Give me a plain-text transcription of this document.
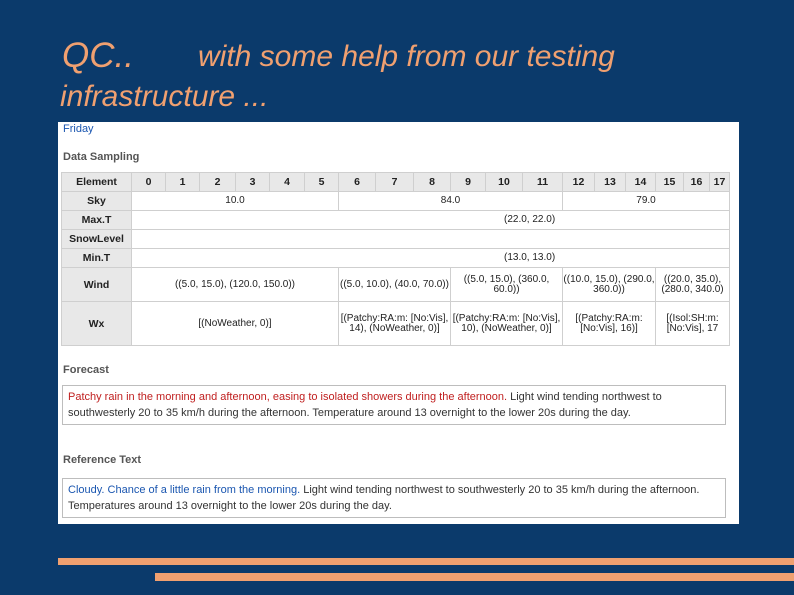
QC.. with some help from our testing
infrastructure ...
Friday
Data Sampling
Element	0	1	2	3	4	5	6	7	8	9	10	11	12	13	14	15	16	17
Sky	10.0						84.0						79.0					
Max.T	(22.0, 22.0)																	
SnowLevel																		
Min.T	(13.0, 13.0)																	
Wind	((5.0, 15.0), (120.0, 150.0))						((5.0, 10.0), (40.0, 70.0))			((5.0, 15.0), (360.0, 60.0))			((10.0, 15.0), (290.0, 360.0))			((20.0, 35.0), (280.0, 340.0)		
Wx	[(NoWeather, 0)]						[(Patchy:RA:m: [No:Vis], 14), (NoWeather, 0)]			[(Patchy:RA:m: [No:Vis], 10), (NoWeather, 0)]			[(Patchy:RA:m: [No:Vis], 16)]			[(Isol:SH:m: [No:Vis], 17		
Forecast
Patchy rain in the morning and afternoon, easing to isolated showers during the afternoon. Light wind tending northwest to southwesterly 20 to 35 km/h during the afternoon. Temperature around 13 overnight to the lower 20s during the day.
Reference Text
Cloudy. Chance of a little rain from the morning. Light wind tending northwest to southwesterly 20 to 35 km/h during the afternoon. Temperatures around 13 overnight to the lower 20s during the day.
